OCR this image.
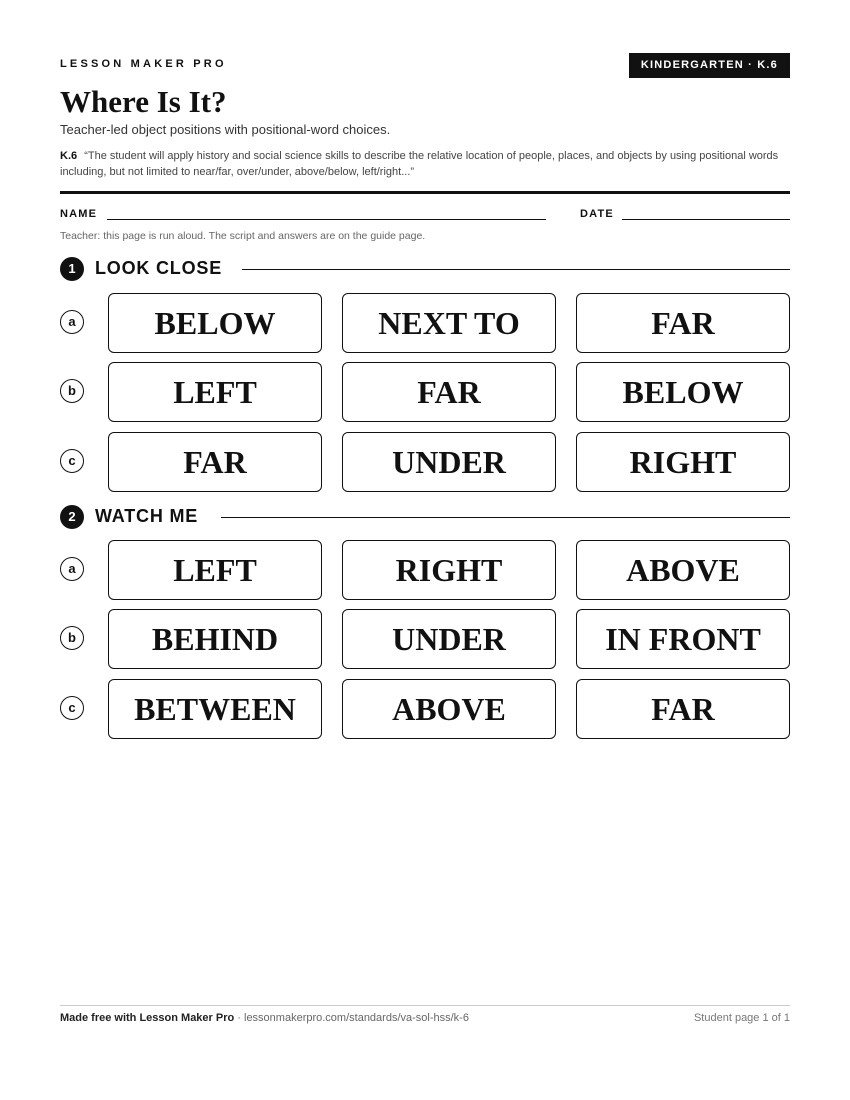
LESSON MAKER PRO	KINDERGARTEN · K.6
Where Is It?
Teacher-led object positions with positional-word choices.
K.6 “The student will apply history and social science skills to describe the relative location of people, places, and objects by using positional words including, but not limited to near/far, over/under, above/below, left/right...”
NAME	DATE
Teacher: this page is run aloud. The script and answers are on the guide page.
1	LOOK CLOSE
a	BELOW	NEXT TO	FAR
b	LEFT	FAR	BELOW
c	FAR	UNDER	RIGHT
2	WATCH ME
a	LEFT	RIGHT	ABOVE
b	BEHIND	UNDER	IN FRONT
c	BETWEEN	ABOVE	FAR
Made free with Lesson Maker Pro · lessonmakerpro.com/standards/va-sol-hss/k-6	Student page 1 of 1
